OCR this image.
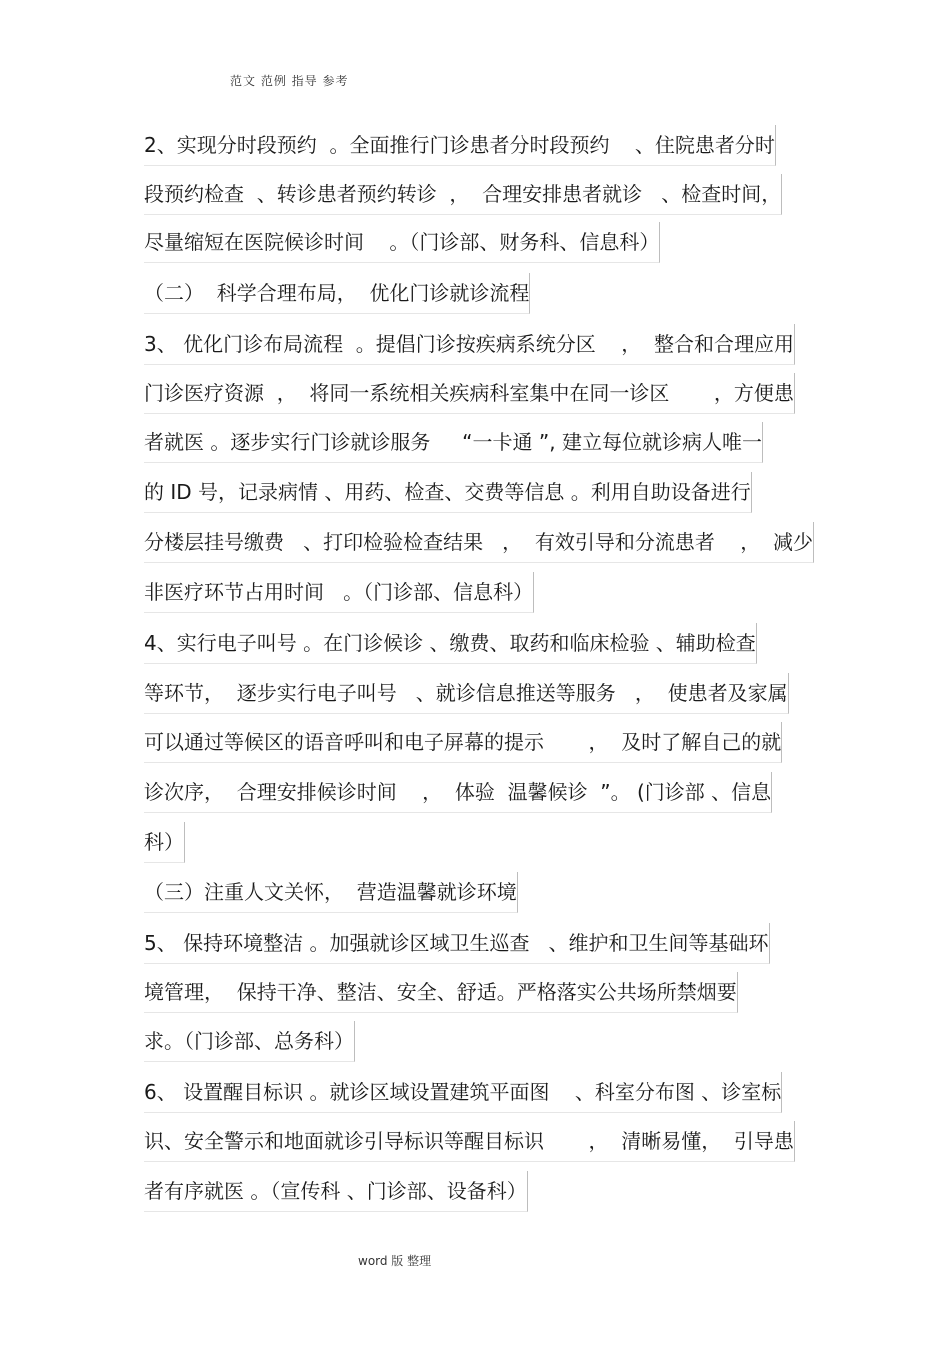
范文 范例 指导 参考
2、实现分时段预约  。全面推行门诊患者分时段预约    、住院患者分时
段预约检查  、转诊患者预约转诊  ，  合理安排患者就诊   、检查时间，
尽量缩短在医院候诊时间    。（门诊部、财务科、信息科）
（二）  科学合理布局，  优化门诊就诊流程
3、 优化门诊布局流程  。提倡门诊按疾病系统分区    ，  整合和合理应用
门诊医疗资源  ，  将同一系统相关疾病科室集中在同一诊区       ，方便患
者就医 。逐步实行门诊就诊服务     “一卡通 ”, 建立每位就诊病人唯一
的 ID 号，记录病情 、用药、检查、交费等信息 。利用自助设备进行
分楼层挂号缴费   、打印检验检查结果   ，  有效引导和分流患者    ，  减少
非医疗环节占用时间   。（门诊部、信息科）
4、实行电子叫号 。在门诊候诊 、缴费、取药和临床检验 、辅助检查
等环节，  逐步实行电子叫号   、就诊信息推送等服务   ，  使患者及家属
可以通过等候区的语音呼叫和电子屏幕的提示       ，  及时了解自己的就
诊次序，  合理安排候诊时间    ，  体验  温馨候诊  ”。 (门诊部 、信息
科）
（三）注重人文关怀，  营造温馨就诊环境
5、 保持环境整洁 。加强就诊区域卫生巡查   、维护和卫生间等基础环
境管理，  保持干净、整洁、安全、舒适。严格落实公共场所禁烟要
求。（门诊部、总务科）
6、 设置醒目标识 。就诊区域设置建筑平面图    、科室分布图 、诊室标
识、安全警示和地面就诊引导标识等醒目标识       ，  清晰易懂，  引导患
者有序就医 。（宣传科 、门诊部、设备科）
word 版 整理
